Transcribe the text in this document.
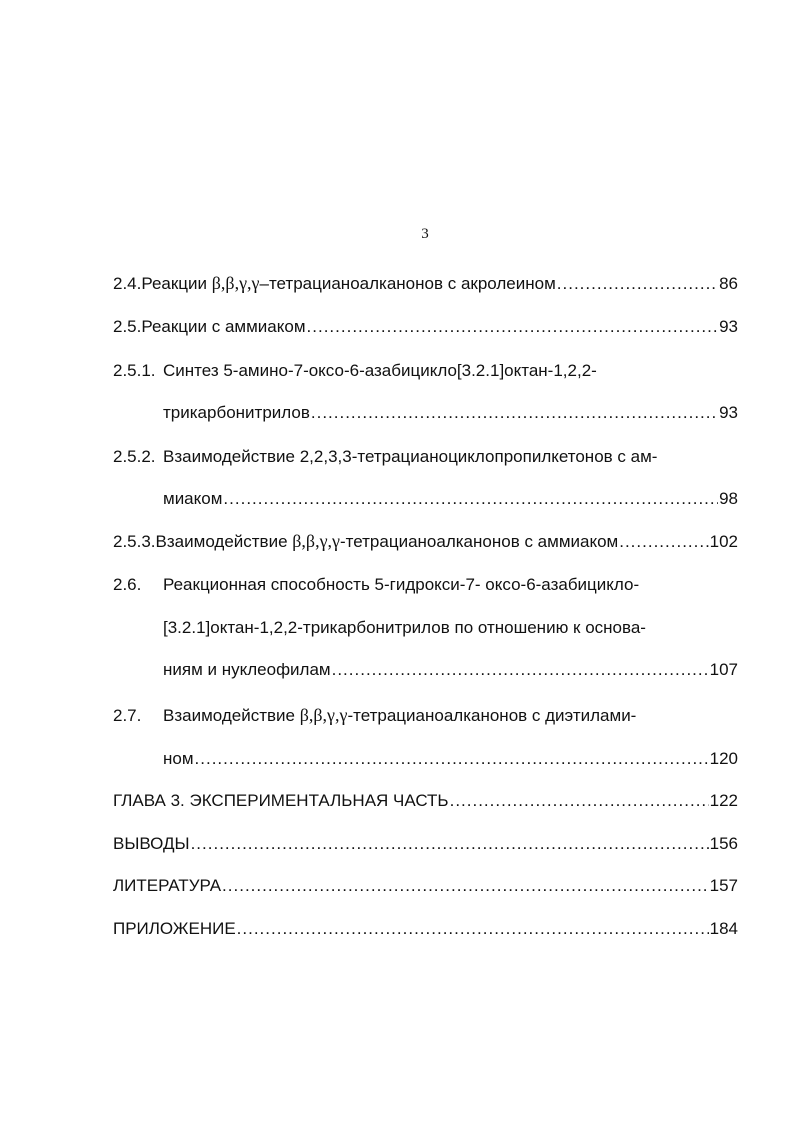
3
2.4. Реакции β,β,γ,γ–тетрацианоалканонов с акролеином .....	86
2.5. Реакции с аммиаком .....	93
2.5.1. Синтез 5-амино-7-оксо-6-азабицикло[3.2.1]октан-1,2,2-
трикарбонитрилов .....	93
2.5.2. Взаимодействие 2,2,3,3-тетрацианоциклопропилкетонов с ам-
миаком .....	98
2.5.3. Взаимодействие β,β,γ,γ-тетрацианоалканонов с аммиаком .....	102
2.6.	Реакционная способность 5-гидрокси-7- оксо-6-азабицикло-
[3.2.1]октан-1,2,2-трикарбонитрилов по отношению к основа-
ниям и нуклеофилам .....	107
2.7.	Взаимодействие β,β,γ,γ-тетрацианоалканонов с диэтилами-
ном .....	120
ГЛАВА 3. ЭКСПЕРИМЕНТАЛЬНАЯ ЧАСТЬ .....	122
ВЫВОДЫ .....	156
ЛИТЕРАТУРА .....	157
ПРИЛОЖЕНИЕ .....	184
